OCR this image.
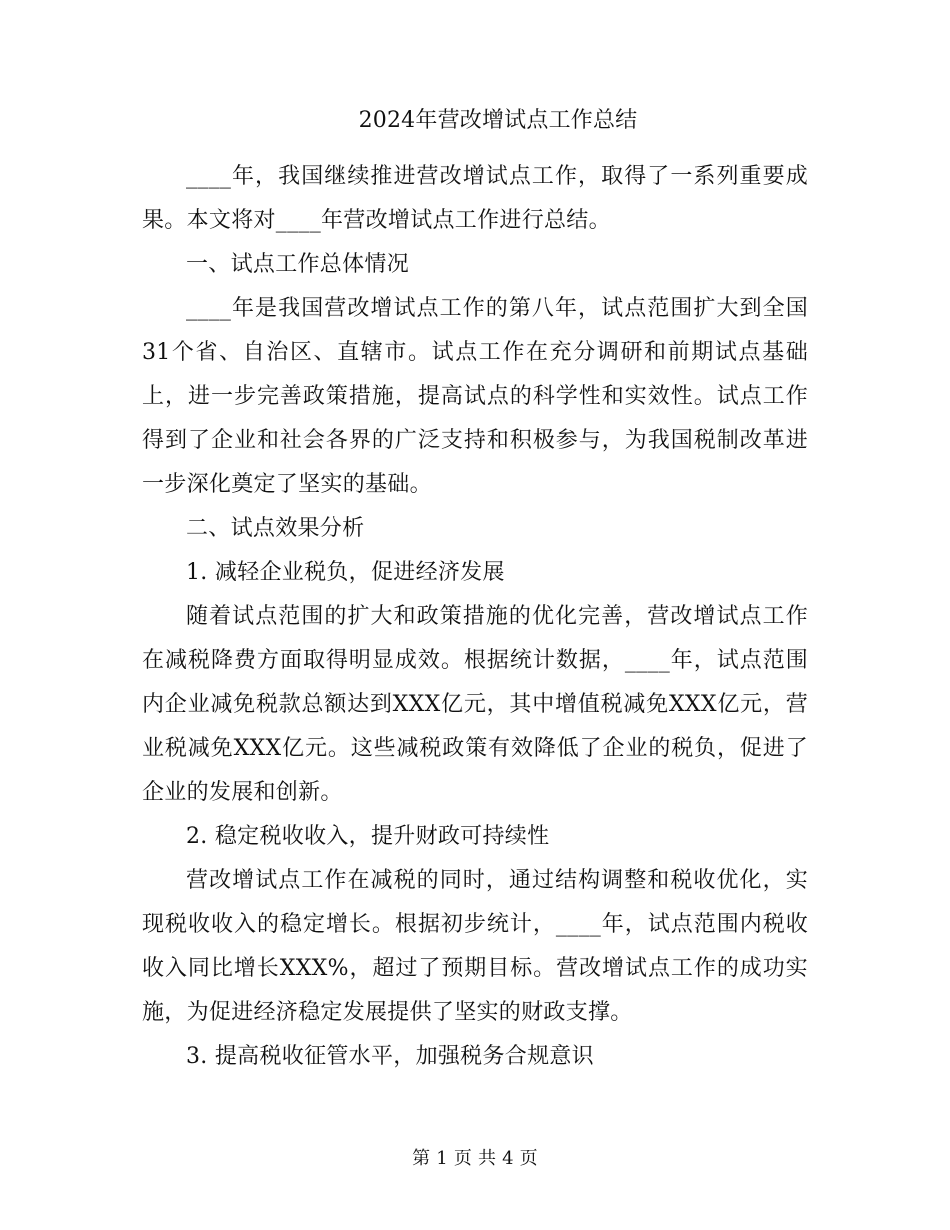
2024年营改增试点工作总结

____年，我国继续推进营改增试点工作，取得了一系列重要成果。本文将对____年营改增试点工作进行总结。

一、试点工作总体情况

____年是我国营改增试点工作的第八年，试点范围扩大到全国31个省、自治区、直辖市。试点工作在充分调研和前期试点基础上，进一步完善政策措施，提高试点的科学性和实效性。试点工作得到了企业和社会各界的广泛支持和积极参与，为我国税制改革进一步深化奠定了坚实的基础。

二、试点效果分析

1. 减轻企业税负，促进经济发展

随着试点范围的扩大和政策措施的优化完善，营改增试点工作在减税降费方面取得明显成效。根据统计数据，____年，试点范围内企业减免税款总额达到XXX亿元，其中增值税减免XXX亿元，营业税减免XXX亿元。这些减税政策有效降低了企业的税负，促进了企业的发展和创新。

2. 稳定税收收入，提升财政可持续性

营改增试点工作在减税的同时，通过结构调整和税收优化，实现税收收入的稳定增长。根据初步统计，____年，试点范围内税收收入同比增长XXX%，超过了预期目标。营改增试点工作的成功实施，为促进经济稳定发展提供了坚实的财政支撑。

3. 提高税收征管水平，加强税务合规意识

第 1 页 共 4 页
